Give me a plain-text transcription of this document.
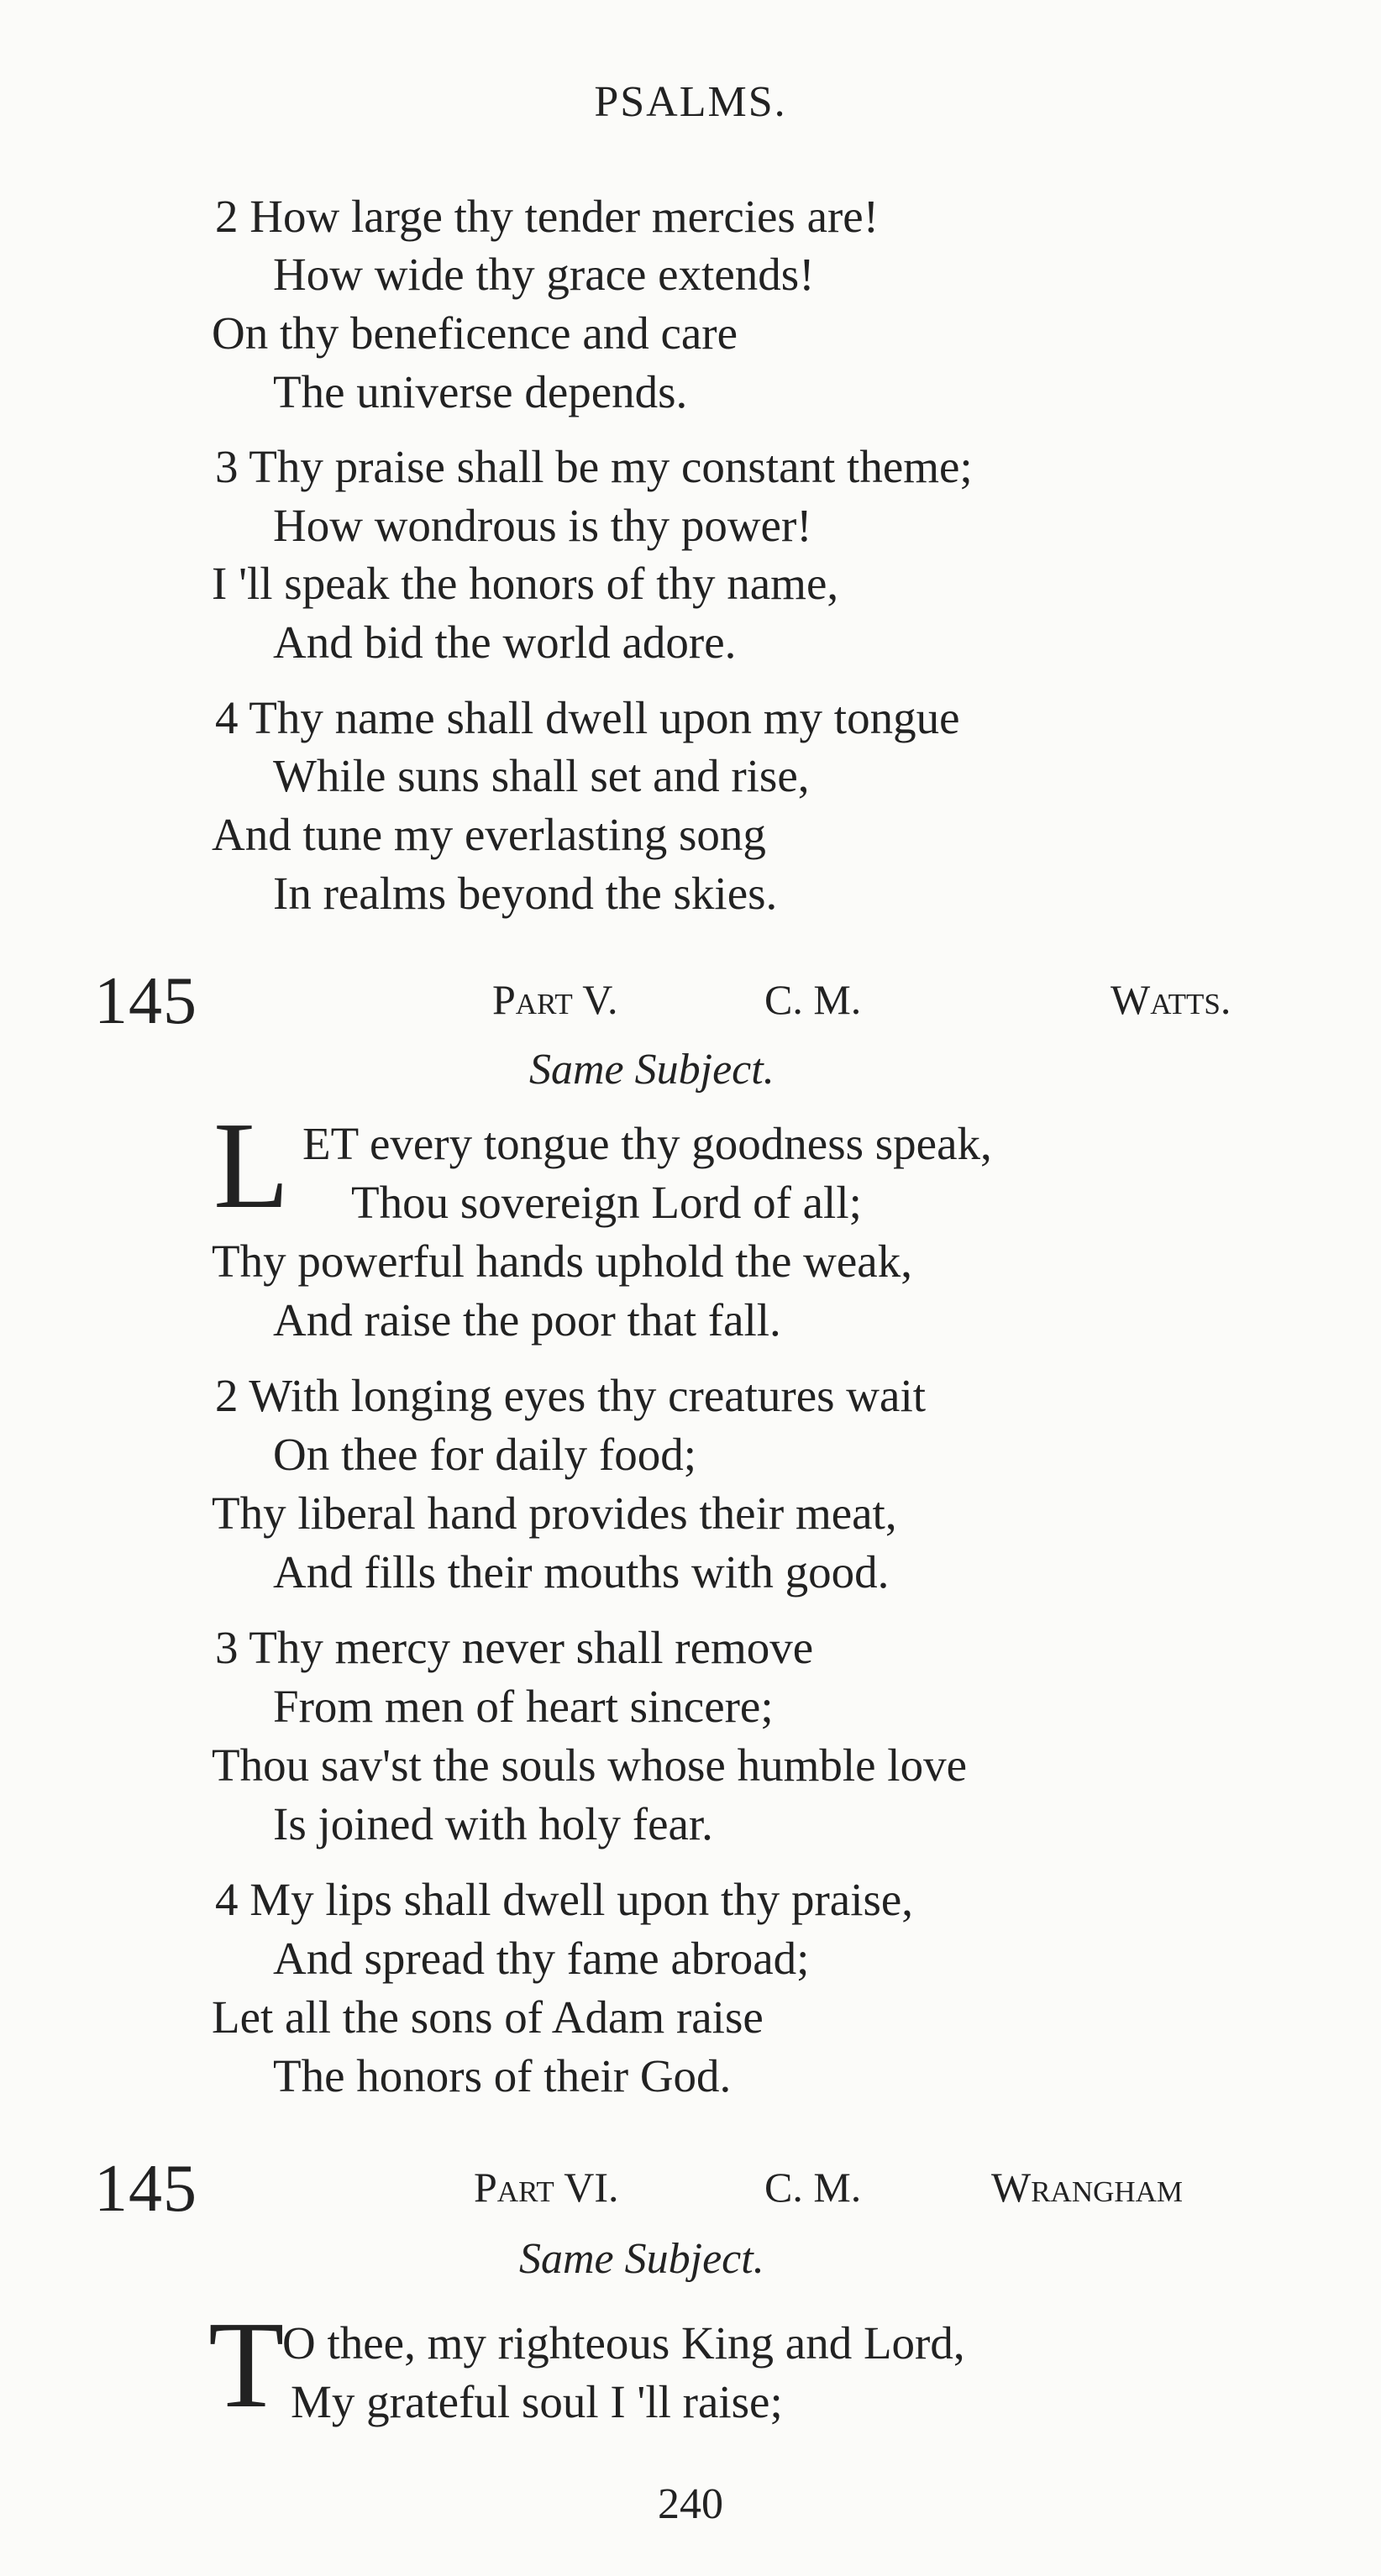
PSALMS.
2 How large thy tender mercies are!
How wide thy grace extends!
On thy beneficence and care
The universe depends.
3 Thy praise shall be my constant theme;
How wondrous is thy power!
I 'll speak the honors of thy name,
And bid the world adore.
4 Thy name shall dwell upon my tongue
While suns shall set and rise,
And tune my everlasting song
In realms beyond the skies.
145	Part V.	C. M.	Watts.
Same Subject.
L ET every tongue thy goodness speak,
Thou sovereign Lord of all;
Thy powerful hands uphold the weak,
And raise the poor that fall.
2 With longing eyes thy creatures wait
On thee for daily food;
Thy liberal hand provides their meat,
And fills their mouths with good.
3 Thy mercy never shall remove
From men of heart sincere;
Thou sav'st the souls whose humble love
Is joined with holy fear.
4 My lips shall dwell upon thy praise,
And spread thy fame abroad;
Let all the sons of Adam raise
The honors of their God.
145	Part VI.	C. M.	Wrangham
Same Subject.
T
O thee, my righteous King and Lord,
My grateful soul I 'll raise;
240
